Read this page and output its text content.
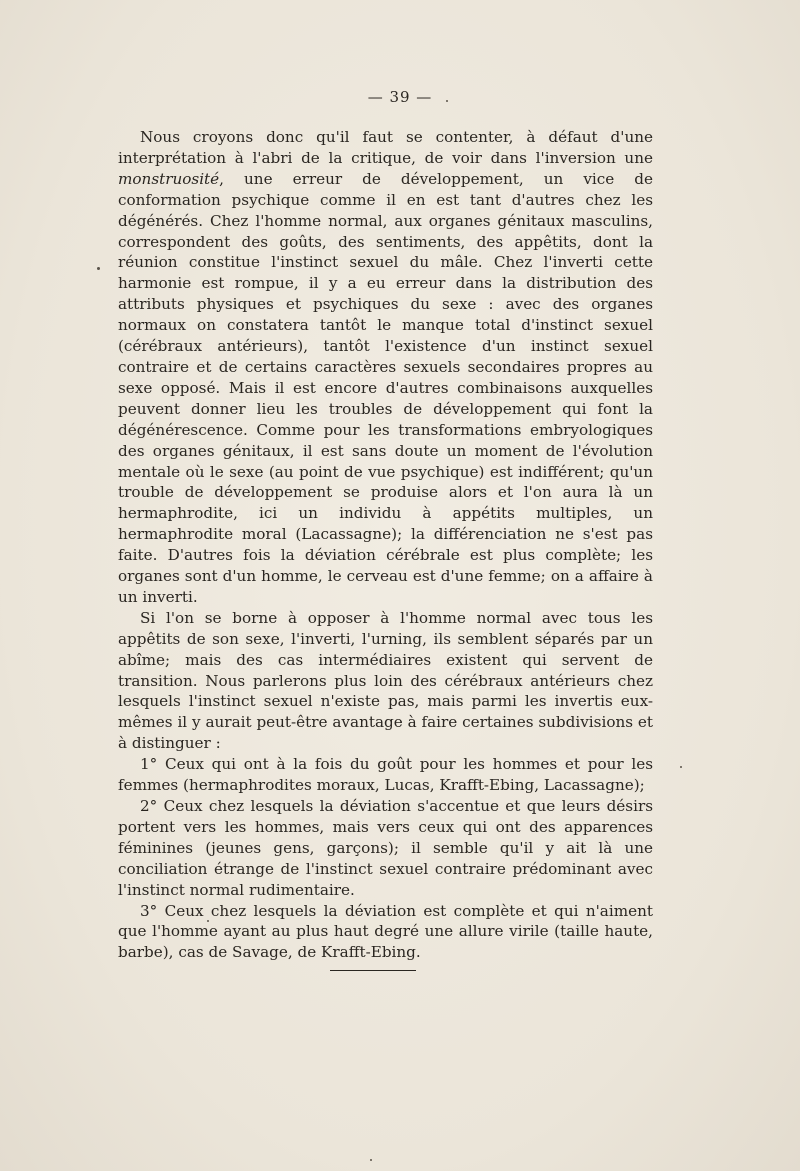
— 39 —

Nous croyons donc qu'il faut se contenter, à défaut d'une interprétation à l'abri de la critique, de voir dans l'inversion une monstruosité, une erreur de développement, un vice de conformation psychique comme il en est tant d'autres chez les dégénérés. Chez l'homme normal, aux organes génitaux masculins, correspondent des goûts, des sentiments, des appêtits, dont la réunion constitue l'instinct sexuel du mâle. Chez l'inverti cette harmonie est rompue, il y a eu erreur dans la distribution des attributs physiques et psychiques du sexe : avec des organes normaux on constatera tantôt le manque total d'instinct sexuel (cérébraux antérieurs), tantôt l'existence d'un instinct sexuel contraire et de certains caractères sexuels secondaires propres au sexe opposé. Mais il est encore d'autres combinaisons auxquelles peuvent donner lieu les troubles de développement qui font la dégénérescence. Comme pour les transformations embryologiques des organes génitaux, il est sans doute un moment de l'évolution mentale où le sexe (au point de vue psychique) est indifférent; qu'un trouble de développement se produise alors et l'on aura là un hermaphrodite, ici un individu à appétits multiples, un hermaphrodite moral (Lacassagne); la différenciation ne s'est pas faite. D'autres fois la déviation cérébrale est plus complète; les organes sont d'un homme, le cerveau est d'une femme; on a affaire à un inverti.

Si l'on se borne à opposer à l'homme normal avec tous les appêtits de son sexe, l'inverti, l'urning, ils semblent séparés par un abîme; mais des cas intermédiaires existent qui servent de transition. Nous parlerons plus loin des cérébraux antérieurs chez lesquels l'instinct sexuel n'existe pas, mais parmi les invertis eux-mêmes il y aurait peut-être avantage à faire certaines subdivisions et à distinguer :

1° Ceux qui ont à la fois du goût pour les hommes et pour les femmes (hermaphrodites moraux, Lucas, Krafft-Ebing, Lacassagne);

2° Ceux chez lesquels la déviation s'accentue et que leurs désirs portent vers les hommes, mais vers ceux qui ont des apparences féminines (jeunes gens, garçons); il semble qu'il y ait là une conciliation étrange de l'instinct sexuel contraire prédominant avec l'instinct normal rudimentaire.

3° Ceux chez lesquels la déviation est complète et qui n'aiment que l'homme ayant au plus haut degré une allure virile (taille haute, barbe), cas de Savage, de Krafft-Ebing.
